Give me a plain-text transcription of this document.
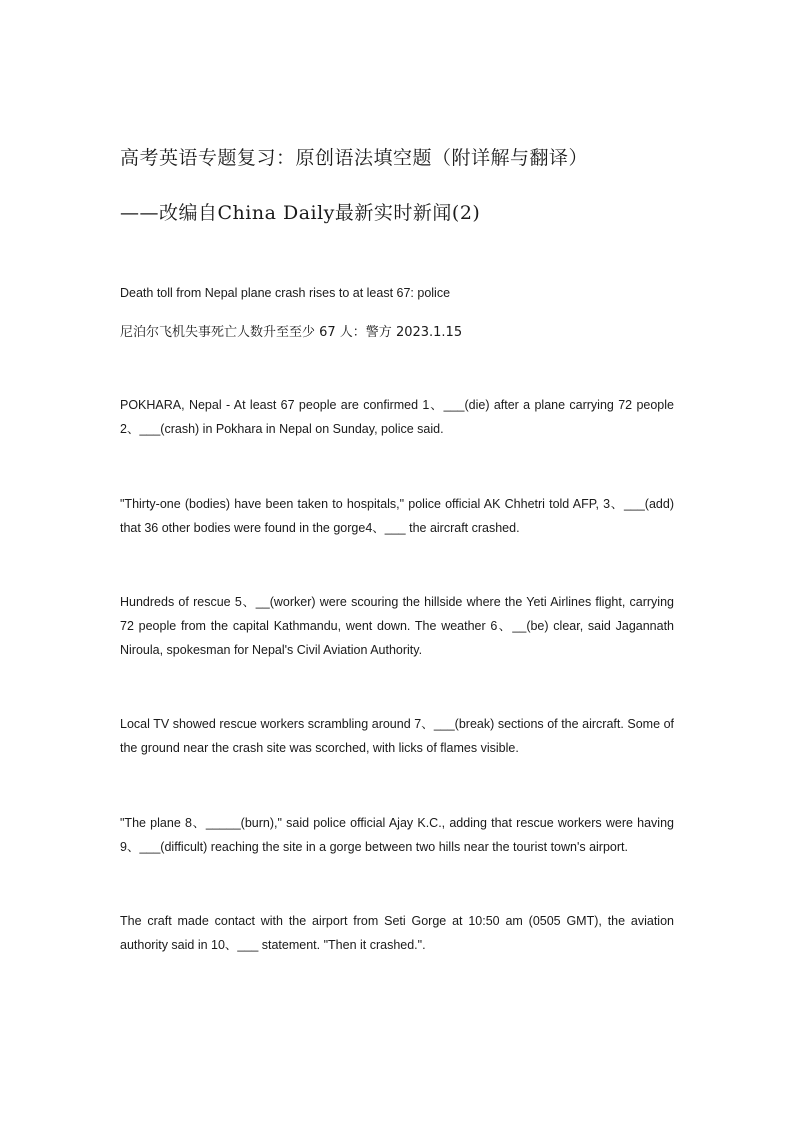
高考英语专题复习：原创语法填空题（附详解与翻译）
——改编自China Daily最新实时新闻(2)
Death toll from Nepal plane crash rises to at least 67: police
尼泊尔飞机失事死亡人数升至至少 67 人：警方 2023.1.15

POKHARA, Nepal - At least 67 people are confirmed 1、___(die) after a plane carrying 72 people 2、___(crash) in Pokhara in Nepal on Sunday, police said.

"Thirty-one (bodies) have been taken to hospitals," police official AK Chhetri told AFP, 3、___(add) that 36 other bodies were found in the gorge4、___ the aircraft crashed.

Hundreds of rescue 5、__(worker) were scouring the hillside where the Yeti Airlines flight, carrying 72 people from the capital Kathmandu, went down. The weather 6、__(be) clear, said Jagannath Niroula, spokesman for Nepal's Civil Aviation Authority.

Local TV showed rescue workers scrambling around 7、___(break) sections of the aircraft. Some of the ground near the crash site was scorched, with licks of flames visible.

"The plane 8、_____(burn)," said police official Ajay K.C., adding that rescue workers were having 9、___(difficult) reaching the site in a gorge between two hills near the tourist town's airport.

The craft made contact with the airport from Seti Gorge at 10:50 am (0505 GMT), the aviation authority said in 10、___ statement. "Then it crashed.".
